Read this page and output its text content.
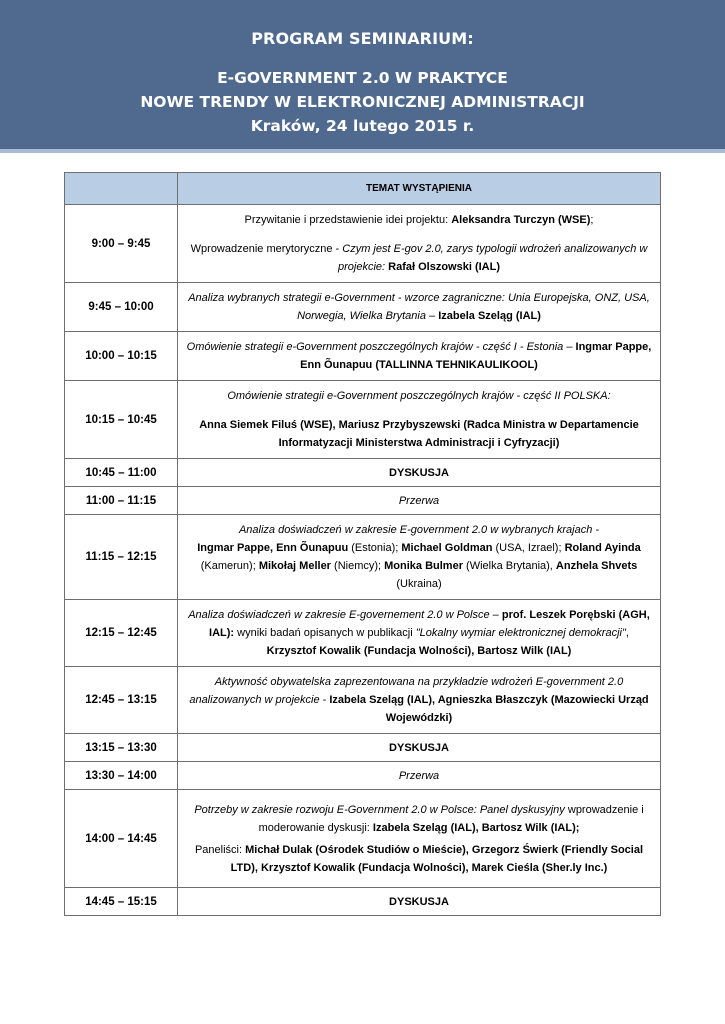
PROGRAM SEMINARIUM:
E-GOVERNMENT 2.0 W PRAKTYCE
NOWE TRENDY W ELEKTRONICZNEJ ADMINISTRACJI
Kraków, 24 lutego 2015 r.
	TEMAT WYSTĄPIENIA
9:00 – 9:45	Przywitanie i przedstawienie idei projektu: Aleksandra Turczyn (WSE);

Wprowadzenie merytoryczne - Czym jest E-gov 2.0, zarys typologii wdrożeń analizowanych w projekcie: Rafał Olszowski (IAL)

9:45 – 10:00	Analiza wybranych strategii e-Government - wzorce zagraniczne: Unia Europejska, ONZ, USA, Norwegia, Wielka Brytania – Izabela Szeląg (IAL)
10:00 – 10:15	Omówienie strategii e-Government poszczególnych krajów - część I - Estonia – Ingmar Pappe, Enn Õunapuu (TALLINNA TEHNIKAULIKOOL)
10:15 – 10:45	Omówienie strategii e-Government poszczególnych krajów - część II POLSKA:

Anna Siemek Filuś (WSE), Mariusz Przybyszewski (Radca Ministra w Departamencie Informatyzacji Ministerstwa Administracji i Cyfryzacji)

10:45 – 11:00	DYSKUSJA
11:00 – 11:15	Przerwa
11:15 – 12:15	Analiza doświadczeń w zakresie E-government 2.0 w wybranych krajach -
Ingmar Pappe, Enn Õunapuu (Estonia); Michael Goldman (USA, Izrael); Roland Ayinda (Kamerun); Mikołaj Meller (Niemcy); Monika Bulmer (Wielka Brytania), Anzhela Shvets (Ukraina)
12:15 – 12:45	Analiza doświadczeń w zakresie E-governement 2.0 w Polsce – prof. Leszek Porębski (AGH, IAL): wyniki badań opisanych w publikacji "Lokalny wymiar elektronicznej demokracji",
Krzysztof Kowalik (Fundacja Wolności), Bartosz Wilk (IAL)
12:45 – 13:15	Aktywność obywatelska zaprezentowana na przykładzie wdrożeń E-government 2.0 analizowanych w projekcie - Izabela Szeląg (IAL), Agnieszka Błaszczyk (Mazowiecki Urząd Wojewódzki)
13:15 – 13:30	DYSKUSJA
13:30 – 14:00	Przerwa
14:00 – 14:45	Potrzeby w zakresie rozwoju E-Government 2.0 w Polsce: Panel dyskusyjny wprowadzenie i moderowanie dyskusji: Izabela Szeląg (IAL), Bartosz Wilk (IAL);

Paneliści: Michał Dulak (Ośrodek Studiów o Mieście), Grzegorz Świerk (Friendly Social LTD), Krzysztof Kowalik (Fundacja Wolności), Marek Cieśla (Sher.ly Inc.)

14:45 – 15:15	DYSKUSJA
